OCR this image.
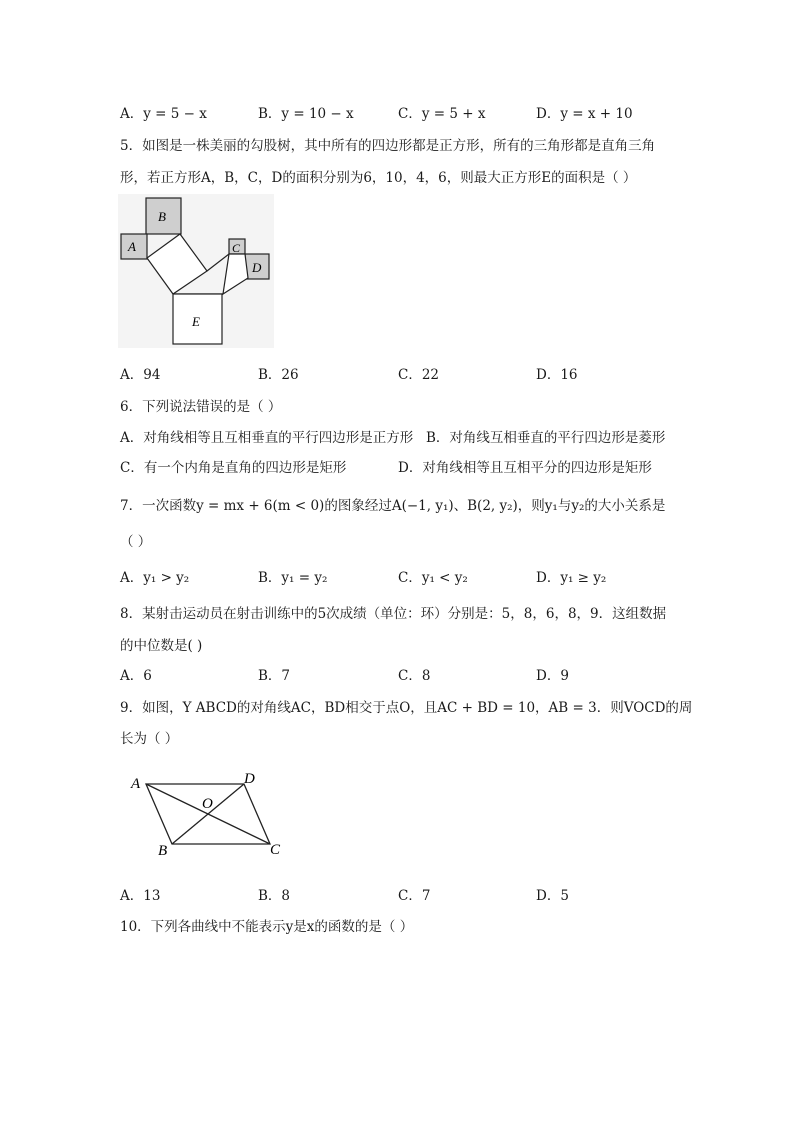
A．y = 5 − x	B．y = 10 − x	C．y = 5 + x	D．y = x + 10
5．如图是一株美丽的勾股树，其中所有的四边形都是正方形，所有的三角形都是直角三角
形，若正方形A，B，C，D的面积分别为6，10，4，6，则最大正方形E的面积是（ ）
B
A	C
D
E
A．94	B．26	C．22	D．16
6．下列说法错误的是（ ）
A．对角线相等且互相垂直的平行四边形是正方形 B．对角线互相垂直的平行四边形是菱形
C．有一个内角是直角的四边形是矩形	D．对角线相等且互相平分的四边形是矩形
7．一次函数y = mx + 6(m < 0)的图象经过A(−1, y₁)、B(2, y₂)，则y₁与y₂的大小关系是
（ ）
A．y₁ > y₂	B．y₁ = y₂	C．y₁ < y₂	D．y₁ ≥ y₂
8．某射击运动员在射击训练中的5次成绩（单位：环）分别是：5，8，6，8，9．这组数据
的中位数是( )
A．6	B．7	C．8	D．9
9．如图，Y ABCD的对角线AC，BD相交于点O，且AC + BD = 10，AB = 3．则VOCD的周
长为（ ）
A	D
O
B	C
A．13	B．8	C．7	D．5
10．下列各曲线中不能表示y是x的函数的是（ ）
